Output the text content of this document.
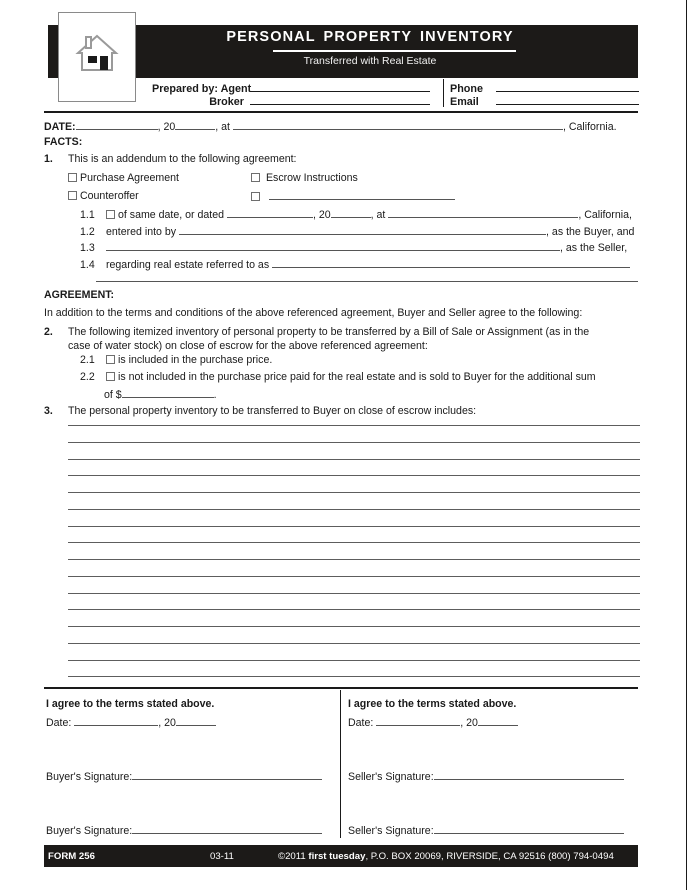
PERSONAL PROPERTY INVENTORY
Transferred with Real Estate
Prepared by: Agent
Broker
Phone
Email
DATE:	, 20	, at	, California.
FACTS:
1. This is an addendum to the following agreement:
Purchase Agreement	Escrow Instructions
Counteroffer

1.1 of same date, or dated	, 20	, at	, California,
1.2 entered into by	, as the Buyer, and
1.3	, as the Seller,
1.4 regarding real estate referred to as
AGREEMENT:
In addition to the terms and conditions of the above referenced agreement, Buyer and Seller agree to the following:
2. The following itemized inventory of personal property to be transferred by a Bill of Sale or Assignment (as in the
case of water stock) on close of escrow for the above referenced agreement:
2.1 is included in the purchase price.
2.2 is not included in the purchase price paid for the real estate and is sold to Buyer for the additional sum
of $	.
3. The personal property inventory to be transferred to Buyer on close of escrow includes:
I agree to the terms stated above.
Date:	, 20
Buyer's Signature:
Buyer's Signature:
I agree to the terms stated above.
Date:	, 20
Seller's Signature:
Seller's Signature:
FORM 256	03-11	©2011 first tuesday, P.O. BOX 20069, RIVERSIDE, CA 92516 (800) 794-0494
